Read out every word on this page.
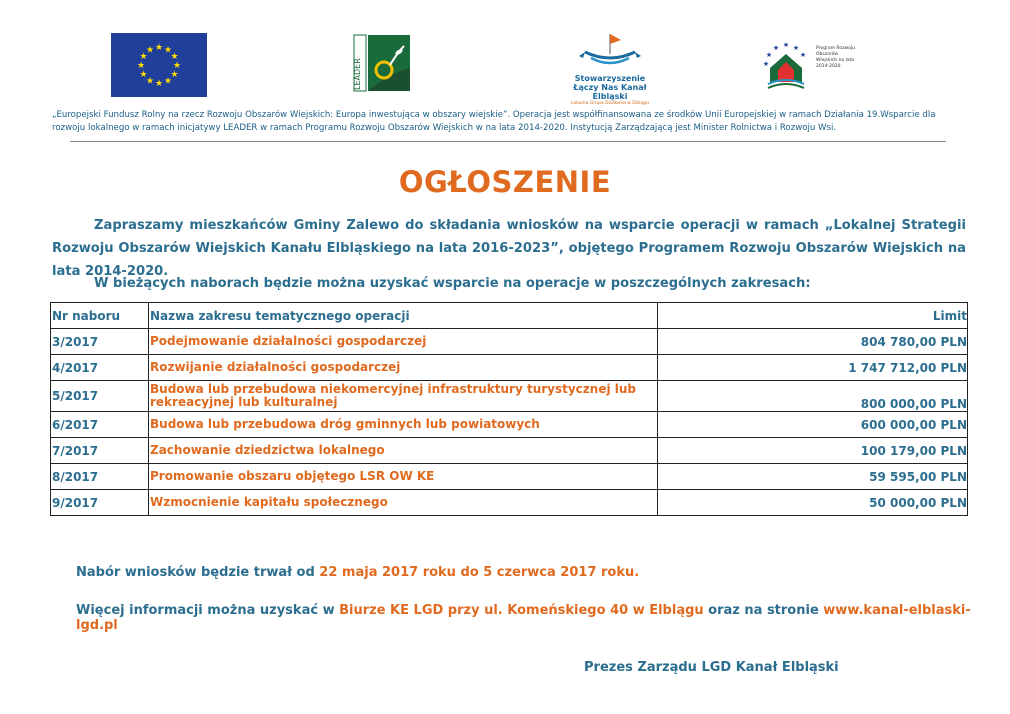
★ ★
★
★
★
★
★
★
★
★
★
★
LEADER	Stowarzyszenie
Łączy Nas Kanał Elbląski
Lokalna Grupa Działania w Elblągu
★ ★
★
★
★
★
Program Rozwoju Obszarów Wiejskich na lata 2014-2020
„Europejski Fundusz Rolny na rzecz Rozwoju Obszarów Wiejskich: Europa inwestująca w obszary wiejskie”. Operacja jest współfinansowana ze środków Unii Europejskiej w ramach Działania 19.Wsparcie dla rozwoju lokalnego w ramach inicjatywy LEADER w ramach Programu Rozwoju Obszarów Wiejskich w na lata 2014-2020. Instytucją Zarządzającą jest Minister Rolnictwa i Rozwoju Wsi.
OGŁOSZENIE
Zapraszamy mieszkańców Gminy Zalewo do składania wniosków na wsparcie operacji w ramach „Lokalnej Strategii Rozwoju Obszarów Wiejskich Kanału Elbląskiego na lata 2016-2023”, objętego Programem Rozwoju Obszarów Wiejskich na lata 2014-2020.
W bieżących naborach będzie można uzyskać wsparcie na operacje w poszczególnych zakresach:
Nr naboru	Nazwa zakresu tematycznego operacji	Limit
3/2017	Podejmowanie działalności gospodarczej	804 780,00 PLN
4/2017	Rozwijanie działalności gospodarczej	1 747 712,00 PLN
5/2017	Budowa lub przebudowa niekomercyjnej infrastruktury turystycznej lub rekreacyjnej lub kulturalnej	800 000,00 PLN
6/2017	Budowa lub przebudowa dróg gminnych lub powiatowych	600 000,00 PLN
7/2017	Zachowanie dziedzictwa lokalnego	100 179,00 PLN
8/2017	Promowanie obszaru objętego LSR OW KE	59 595,00 PLN
9/2017	Wzmocnienie kapitału społecznego	50 000,00 PLN
Nabór wniosków będzie trwał od 22 maja 2017 roku do 5 czerwca 2017 roku.
Więcej informacji można uzyskać w Biurze KE LGD przy ul. Komeńskiego 40 w Elblągu oraz na stronie www.kanal-elblaski-lgd.pl
Prezes Zarządu LGD Kanał Elbląski
